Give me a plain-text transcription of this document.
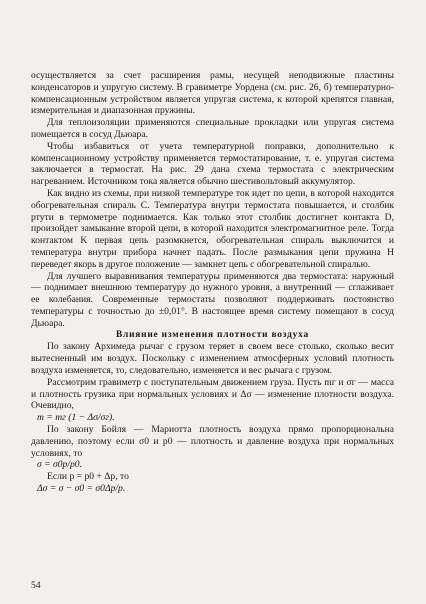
осуществляется за счет расширения рамы, несущей неподвижные пластины конденсаторов и упругую систему. В гравиметре Уордена (см. рис. 26, б) температурно-компенсационным устройством является упругая система, к которой крепятся главная, измерительная и диапазонная пружины.

Для теплоизоляции применяются специальные прокладки или упругая система помещается в сосуд Дьюара.

Чтобы избавиться от учета температурной поправки, дополнительно к компенсационному устройству применяется термостатирование, т. е. упругая система заключается в термостат. На рис. 29 дана схема термостата с электрическим нагреванием. Источником тока является обычно шестивольтовый аккумулятор.

Как видно из схемы, при низкой температуре ток идет по цепи, в которой находится обогревательная спираль C. Температура внутри термостата повышается, и столбик ртути в термометре поднимается. Как только этот столбик достигнет контакта D, произойдет замыкание второй цепи, в которой находится электромагнитное реле. Тогда контактом K первая цепь разомкнется, обогревательная спираль выключится и температура внутри прибора начнет падать. После размыкания цепи пружина H переведет якорь в другое положение — замкнет цепь с обогревательной спиралью.

Для лучшего выравнивания температуры применяются два термостата: наружный — поднимает внешнюю температуру до нужного уровня, а внутренний — сглаживает ее колебания. Современные термостаты позволяют поддерживать постоянство температуры с точностью до ±0,01°. В настоящее время систему помещают в сосуд Дьюара.

Влияние изменения плотности воздуха

По закону Архимеда рычаг с грузом теряет в своем весе столько, сколько весит вытесненный им воздух. Поскольку с изменением атмосферных условий плотность воздуха изменяется, то, следовательно, изменяется и вес рычага с грузом.

Рассмотрим гравиметр с поступательным движением груза. Пусть mг и σг — масса и плотность грузика при нормальных условиях и Δσ — изменение плотности воздуха. Очевидно,

m = mг (1 − Δσ/σг).

По закону Бойля — Мариотта плотность воздуха прямо пропорциональна давлению, поэтому если σ0 и p0 — плотность и давление воздуха при нормальных условиях, то

σ = σ0p/p0.

Если p = p0 + Δp, то

Δσ = σ − σ0 = σ0Δp/p.

54
